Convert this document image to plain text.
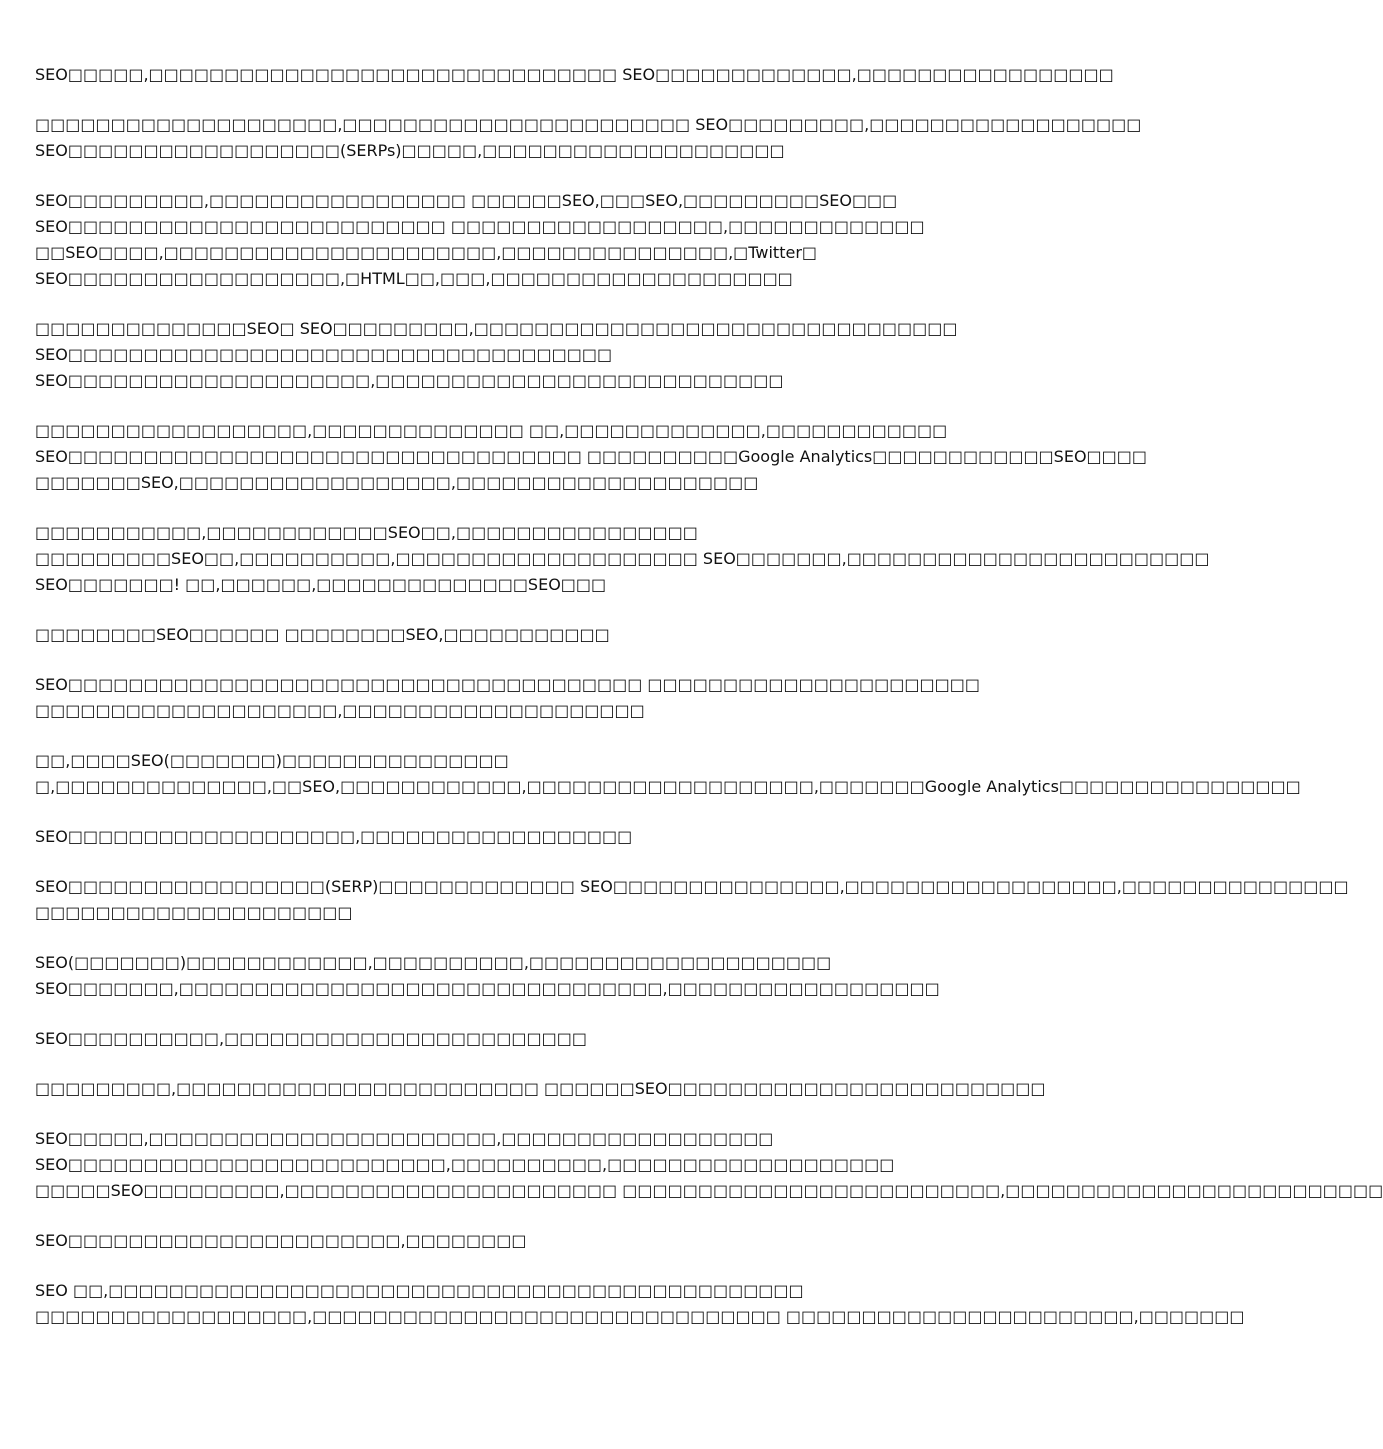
SEO□□□□□,□□□□□□□□□□□□□□□□□□□□□□□□□□□□□□□ SEO□□□□□□□□□□□□□,□□□□□□□□□□□□□□□□□
□□□□□□□□□□□□□□□□□□□□,□□□□□□□□□□□□□□□□□□□□□□□ SEO□□□□□□□□□,□□□□□□□□□□□□□□□□□□
SEO□□□□□□□□□□□□□□□□□□(SERPs)□□□□□,□□□□□□□□□□□□□□□□□□□□
SEO□□□□□□□□□,□□□□□□□□□□□□□□□□□ □□□□□□SEO,□□□SEO,□□□□□□□□□SEO□□□
SEO□□□□□□□□□□□□□□□□□□□□□□□□□ □□□□□□□□□□□□□□□□□□,□□□□□□□□□□□□□
□□SEO□□□□,□□□□□□□□□□□□□□□□□□□□□□,□□□□□□□□□□□□□□□,□Twitter□
SEO□□□□□□□□□□□□□□□□□□,□HTML□□,□□□,□□□□□□□□□□□□□□□□□□□□
□□□□□□□□□□□□□□SEO□ SEO□□□□□□□□□,□□□□□□□□□□□□□□□□□□□□□□□□□□□□□□□□
SEO□□□□□□□□□□□□□□□□□□□□□□□□□□□□□□□□□□□□
SEO□□□□□□□□□□□□□□□□□□□□,□□□□□□□□□□□□□□□□□□□□□□□□□□□
□□□□□□□□□□□□□□□□□□,□□□□□□□□□□□□□□ □□,□□□□□□□□□□□□□,□□□□□□□□□□□□
SEO□□□□□□□□□□□□□□□□□□□□□□□□□□□□□□□□□□ □□□□□□□□□□Google Analytics□□□□□□□□□□□□SEO□□□□
□□□□□□□SEO,□□□□□□□□□□□□□□□□□□,□□□□□□□□□□□□□□□□□□□□
□□□□□□□□□□□,□□□□□□□□□□□□SEO□□,□□□□□□□□□□□□□□□□
□□□□□□□□□SEO□□,□□□□□□□□□□,□□□□□□□□□□□□□□□□□□□□ SEO□□□□□□□,□□□□□□□□□□□□□□□□□□□□□□□□
SEO□□□□□□□! □□,□□□□□□,□□□□□□□□□□□□□□SEO□□□
□□□□□□□□SEO□□□□□□ □□□□□□□□SEO,□□□□□□□□□□□
SEO□□□□□□□□□□□□□□□□□□□□□□□□□□□□□□□□□□□□□□ □□□□□□□□□□□□□□□□□□□□□□
□□□□□□□□□□□□□□□□□□□□,□□□□□□□□□□□□□□□□□□□□
□□,□□□□SEO(□□□□□□□)□□□□□□□□□□□□□□□
□,□□□□□□□□□□□□□□,□□SEO,□□□□□□□□□□□□,□□□□□□□□□□□□□□□□□□□,□□□□□□□Google Analytics□□□□□□□□□□□□□□□□
SEO□□□□□□□□□□□□□□□□□□□,□□□□□□□□□□□□□□□□□□
SEO□□□□□□□□□□□□□□□□□(SERP)□□□□□□□□□□□□□ SEO□□□□□□□□□□□□□□□,□□□□□□□□□□□□□□□□□□,□□□□□□□□□□□□□□□
□□□□□□□□□□□□□□□□□□□□□
SEO(□□□□□□□)□□□□□□□□□□□□,□□□□□□□□□□,□□□□□□□□□□□□□□□□□□□□
SEO□□□□□□□,□□□□□□□□□□□□□□□□□□□□□□□□□□□□□□□□,□□□□□□□□□□□□□□□□□□
SEO□□□□□□□□□□,□□□□□□□□□□□□□□□□□□□□□□□□
□□□□□□□□□,□□□□□□□□□□□□□□□□□□□□□□□□ □□□□□□SEO□□□□□□□□□□□□□□□□□□□□□□□□□
SEO□□□□□,□□□□□□□□□□□□□□□□□□□□□□□,□□□□□□□□□□□□□□□□□□
SEO□□□□□□□□□□□□□□□□□□□□□□□□□,□□□□□□□□□□,□□□□□□□□□□□□□□□□□□□
□□□□□SEO□□□□□□□□□,□□□□□□□□□□□□□□□□□□□□□□ □□□□□□□□□□□□□□□□□□□□□□□□□,□□□□□□□□□□□□□□□□□□□□□□□□□
SEO□□□□□□□□□□□□□□□□□□□□□□,□□□□□□□□
SEO □□,□□□□□□□□□□□□□□□□□□□□□□□□□□□□□□□□□□□□□□□□□□□□□□
□□□□□□□□□□□□□□□□□□,□□□□□□□□□□□□□□□□□□□□□□□□□□□□□□□ □□□□□□□□□□□□□□□□□□□□□□□,□□□□□□□
